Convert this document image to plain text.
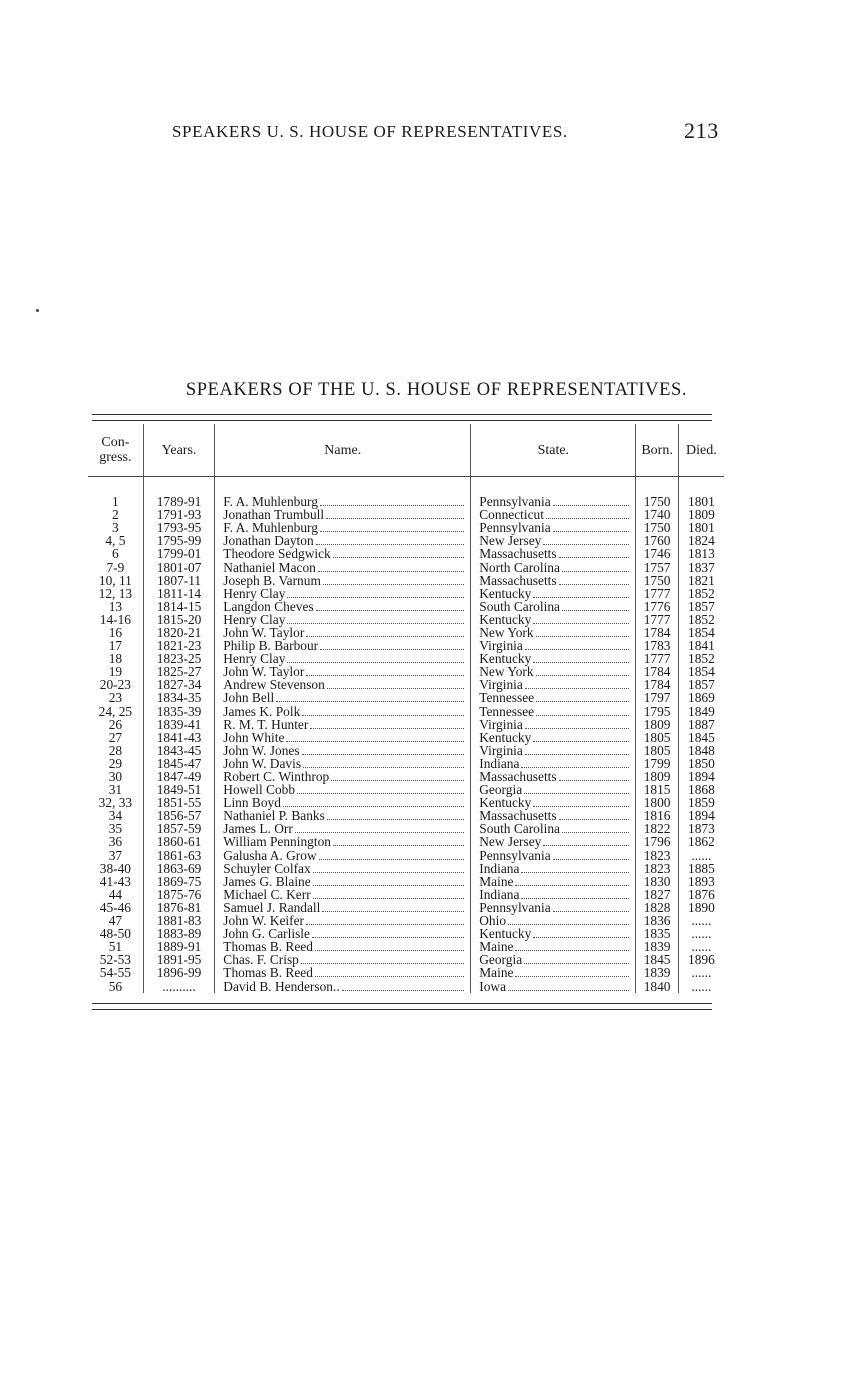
SPEAKERS U. S. HOUSE OF REPRESENTATIVES.	213
SPEAKERS OF THE U. S. HOUSE OF REPRESENTATIVES.
Con-
gress.	Years.	Name.	State.	Born.	Died.

1	1789-91	F. A. Muhlenburg	Pennsylvania	1750	1801
2	1791-93	Jonathan Trumbull	Connecticut	1740	1809
3	1793-95	F. A. Muhlenburg	Pennsylvania	1750	1801
4, 5	1795-99	Jonathan Dayton	New Jersey	1760	1824
6	1799-01	Theodore Sedgwick	Massachusetts	1746	1813
7-9	1801-07	Nathaniel Macon	North Carolina	1757	1837
10, 11	1807-11	Joseph B. Varnum	Massachusetts	1750	1821
12, 13	1811-14	Henry Clay	Kentucky	1777	1852
13	1814-15	Langdon Cheves	South Carolina	1776	1857
14-16	1815-20	Henry Clay	Kentucky	1777	1852
16	1820-21	John W. Taylor	New York	1784	1854
17	1821-23	Philip B. Barbour	Virginia	1783	1841
18	1823-25	Henry Clay	Kentucky	1777	1852
19	1825-27	John W. Taylor	New York	1784	1854
20-23	1827-34	Andrew Stevenson	Virginia	1784	1857
23	1834-35	John Bell	Tennessee	1797	1869
24, 25	1835-39	James K. Polk	Tennessee	1795	1849
26	1839-41	R. M. T. Hunter	Virginia	1809	1887
27	1841-43	John White	Kentucky	1805	1845
28	1843-45	John W. Jones	Virginia	1805	1848
29	1845-47	John W. Davis	Indiana	1799	1850
30	1847-49	Robert C. Winthrop	Massachusetts	1809	1894
31	1849-51	Howell Cobb	Georgia	1815	1868
32, 33	1851-55	Linn Boyd	Kentucky	1800	1859
34	1856-57	Nathaniel P. Banks	Massachusetts	1816	1894
35	1857-59	James L. Orr	South Carolina	1822	1873
36	1860-61	William Pennington	New Jersey	1796	1862
37	1861-63	Galusha A. Grow	Pennsylvania	1823	......
38-40	1863-69	Schuyler Colfax	Indiana	1823	1885
41-43	1869-75	James G. Blaine	Maine	1830	1893
44	1875-76	Michael C. Kerr	Indiana	1827	1876
45-46	1876-81	Samuel J. Randall	Pennsylvania	1828	1890
47	1881-83	John W. Keifer	Ohio	1836	......
48-50	1883-89	John G. Carlisle	Kentucky	1835	......
51	1889-91	Thomas B. Reed	Maine	1839	......
52-53	1891-95	Chas. F. Crisp	Georgia	1845	1896
54-55	1896-99	Thomas B. Reed	Maine	1839	......
56	..........	David B. Henderson..	Iowa	1840	......
